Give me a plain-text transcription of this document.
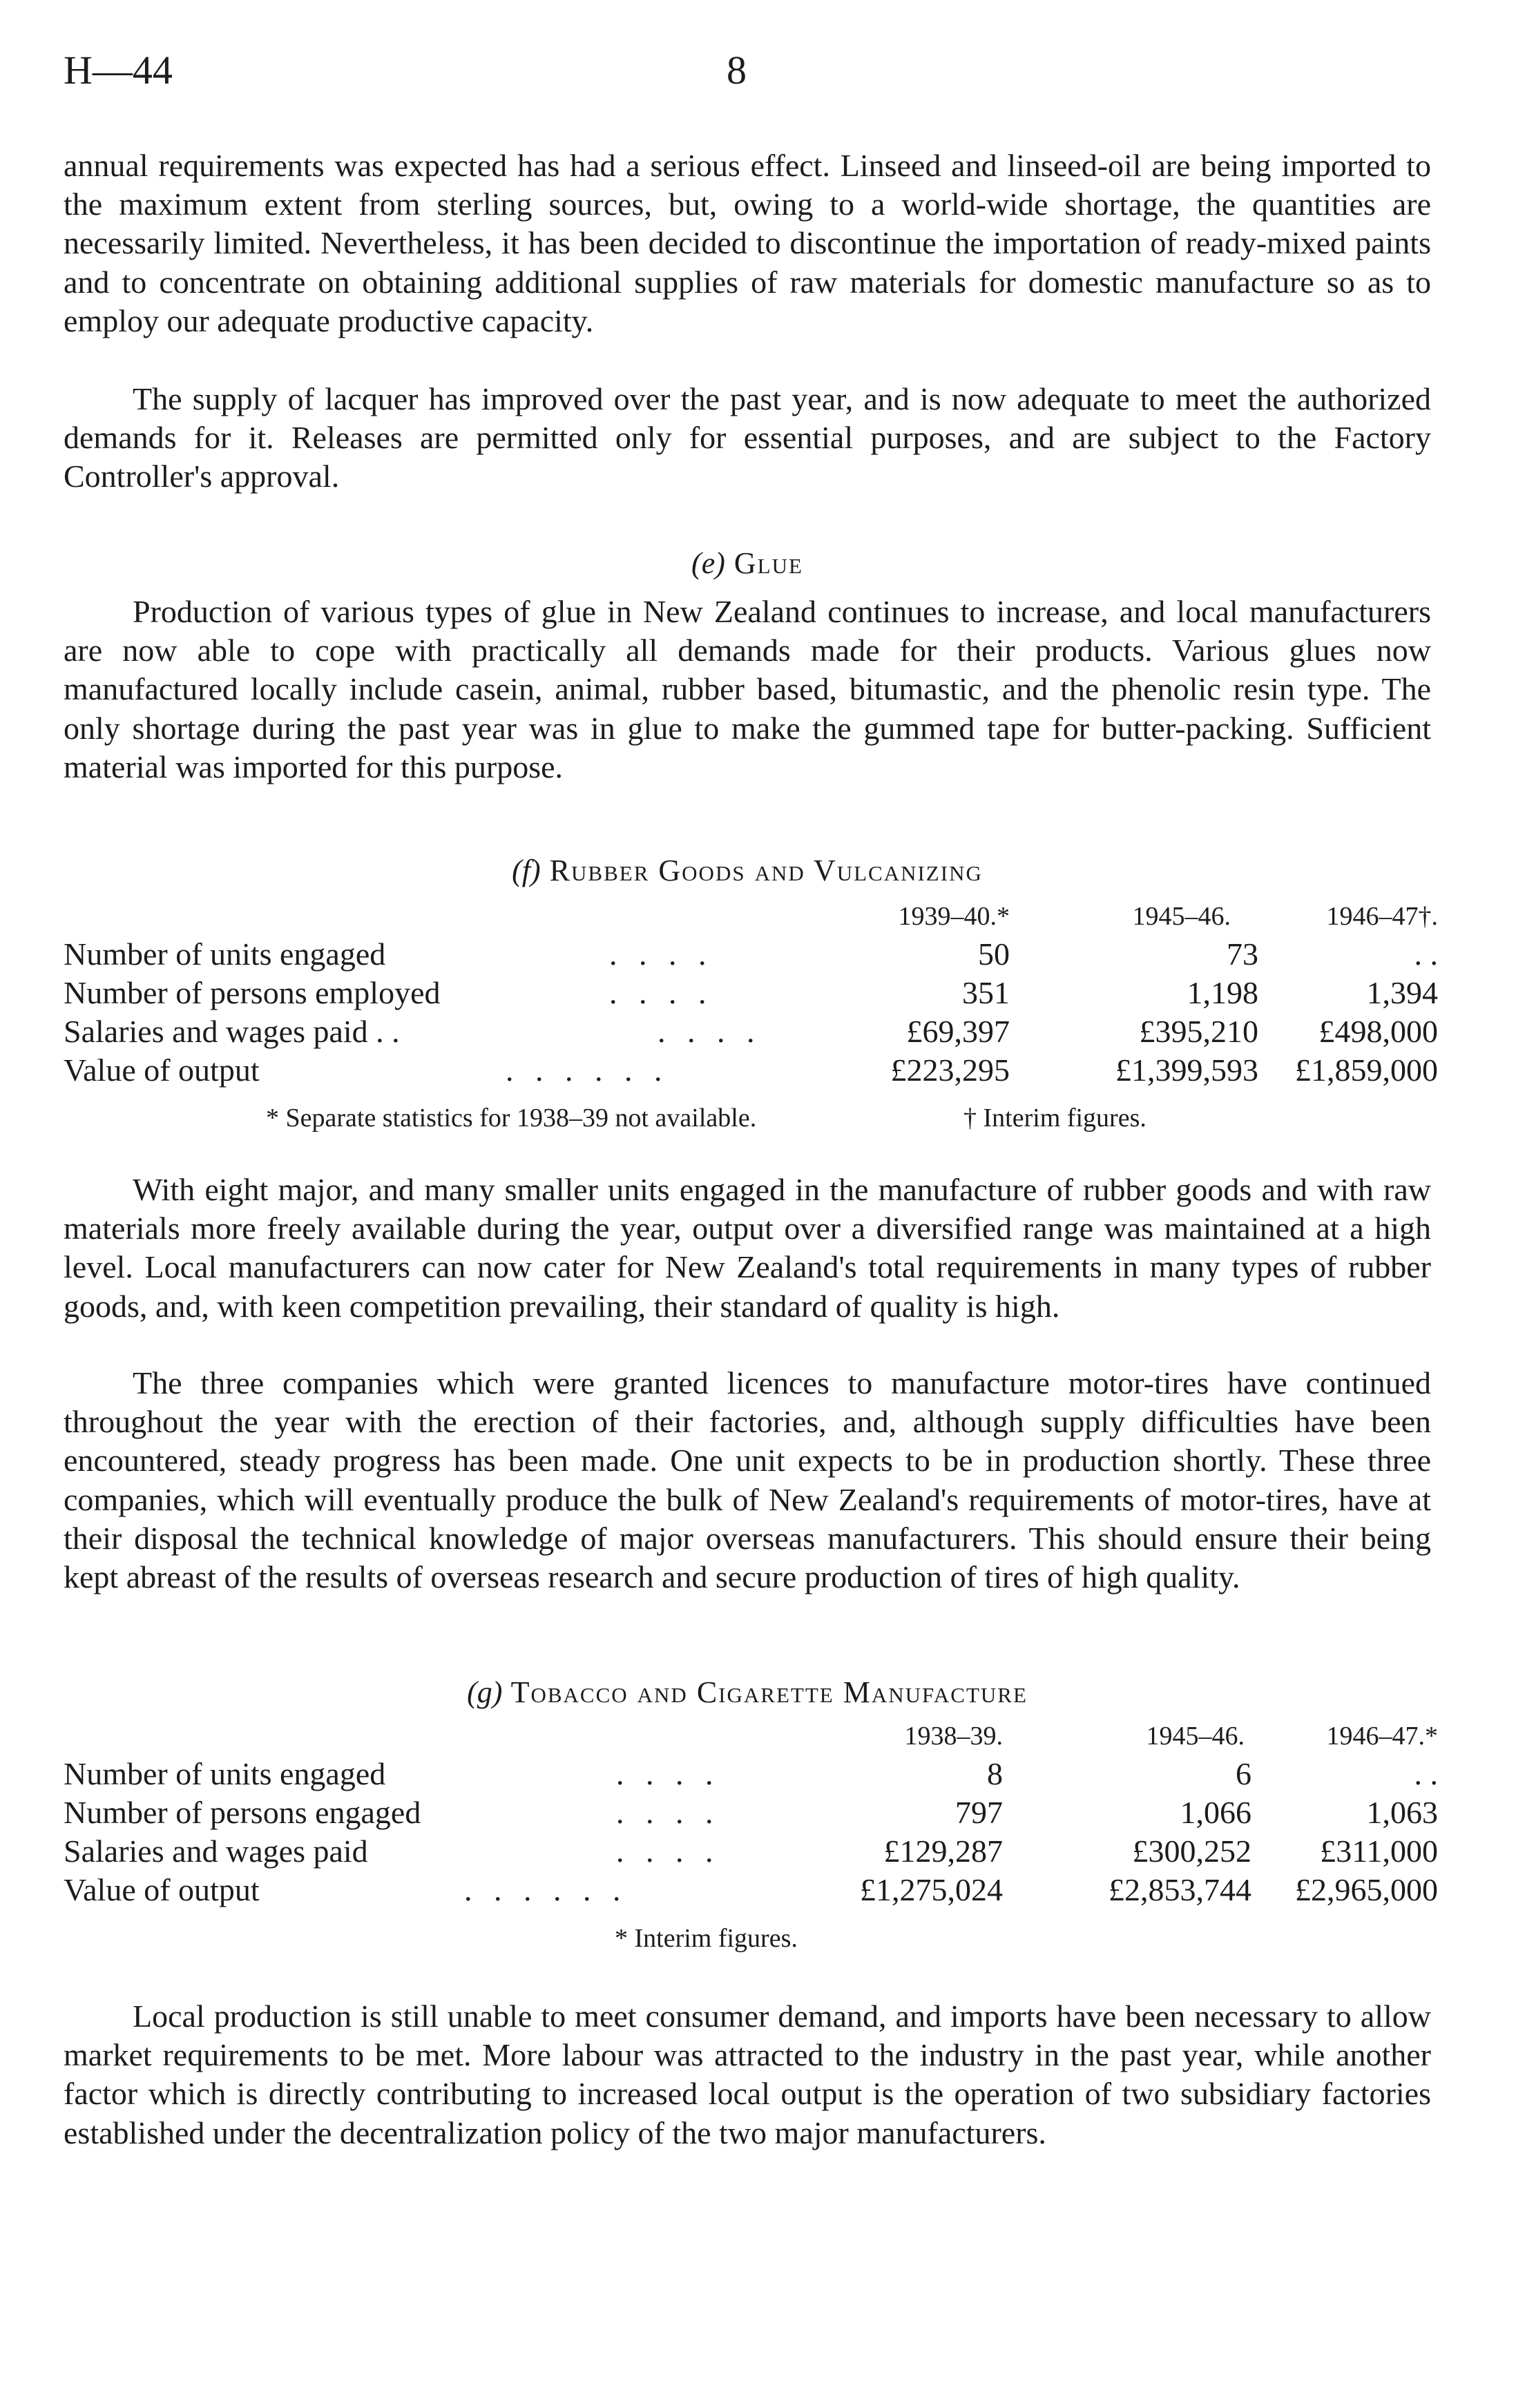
H—44	8

annual requirements was expected has had a serious effect. Linseed and linseed-oil are being imported to the maximum extent from sterling sources, but, owing to a world-wide shortage, the quantities are necessarily limited. Nevertheless, it has been decided to discontinue the importation of ready-mixed paints and to concentrate on obtaining additional supplies of raw materials for domestic manufacture so as to employ our adequate productive capacity.

The supply of lacquer has improved over the past year, and is now adequate to meet the authorized demands for it. Releases are permitted only for essential purposes, and are subject to the Factory Controller's approval.

(e) Glue

Production of various types of glue in New Zealand continues to increase, and local manufacturers are now able to cope with practically all demands made for their products. Various glues now manufactured locally include casein, animal, rubber based, bitumastic, and the phenolic resin type. The only shortage during the past year was in glue to make the gummed tape for butter-packing. Sufficient material was imported for this purpose.

(f) Rubber Goods and Vulcanizing
1939–40.*	1945–46.	1946–47†.
Number of units engaged	. . . .	50	73	. .
Number of persons employed	. . . .	351	1,198	1,394
Salaries and wages paid . .	. . . .	£69,397	£395,210	£498,000
Value of output	. . . . . .	£223,295	£1,399,593	£1,859,000
* Separate statistics for 1938–39 not available.	† Interim figures.

With eight major, and many smaller units engaged in the manufacture of rubber goods and with raw materials more freely available during the year, output over a diversified range was maintained at a high level. Local manufacturers can now cater for New Zealand's total requirements in many types of rubber goods, and, with keen competition prevailing, their standard of quality is high.

The three companies which were granted licences to manufacture motor-tires have continued throughout the year with the erection of their factories, and, although supply difficulties have been encountered, steady progress has been made. One unit expects to be in production shortly. These three companies, which will eventually produce the bulk of New Zealand's requirements of motor-tires, have at their disposal the technical knowledge of major overseas manufacturers. This should ensure their being kept abreast of the results of overseas research and secure production of tires of high quality.

(g) Tobacco and Cigarette Manufacture
1938–39.	1945–46.	1946–47.*
Number of units engaged	. . . .	8	6	. .
Number of persons engaged	. . . .	797	1,066	1,063
Salaries and wages paid	. . . .	£129,287	£300,252	£311,000
Value of output	. . . . . .	£1,275,024	£2,853,744	£2,965,000
* Interim figures.

Local production is still unable to meet consumer demand, and imports have been necessary to allow market requirements to be met. More labour was attracted to the industry in the past year, while another factor which is directly contributing to increased local output is the operation of two subsidiary factories established under the decentralization policy of the two major manufacturers.
